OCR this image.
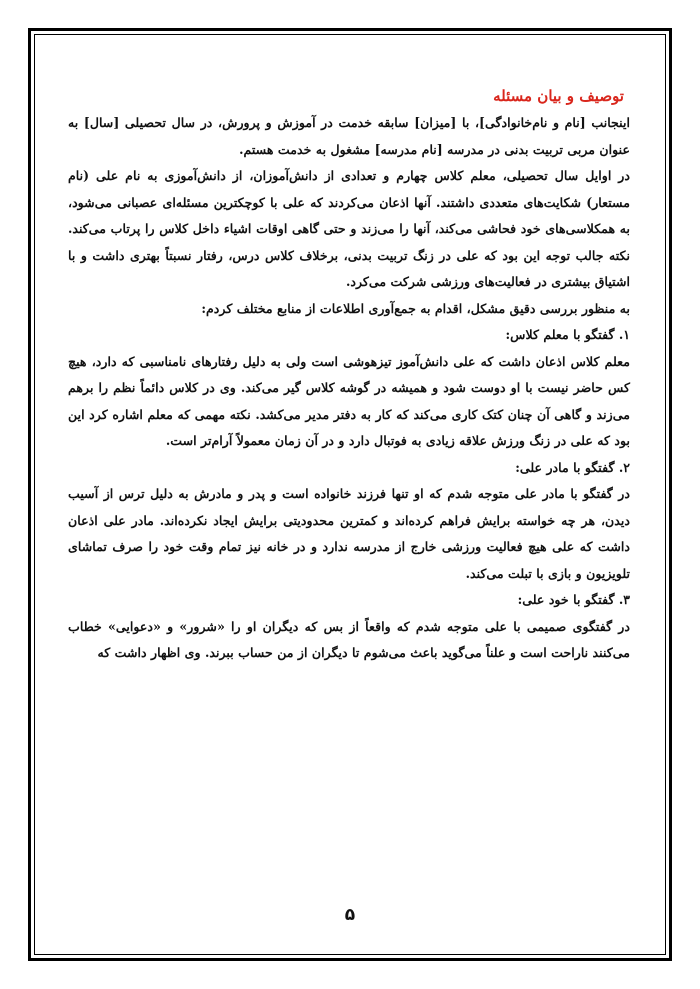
توصیف و بیان مسئله

اینجانب [نام و نام‌خانوادگی]، با [میزان] سابقه خدمت در آموزش و پرورش، در سال تحصیلی [سال] به عنوان مربی تربیت بدنی در مدرسه [نام مدرسه] مشغول به خدمت هستم.

در اوایل سال تحصیلی، معلم کلاس چهارم و تعدادی از دانش‌آموزان، از دانش‌آموزی به نام علی (نام مستعار) شکایت‌های متعددی داشتند. آنها اذعان می‌کردند که علی با کوچکترین مسئله‌ای عصبانی می‌شود، به همکلاسی‌های خود فحاشی می‌کند، آنها را می‌زند و حتی گاهی اوقات اشیاء داخل کلاس را پرتاب می‌کند. نکته جالب توجه این بود که علی در زنگ تربیت بدنی، برخلاف کلاس درس، رفتار نسبتاً بهتری داشت و با اشتیاق بیشتری در فعالیت‌های ورزشی شرکت می‌کرد.

به منظور بررسی دقیق مشکل، اقدام به جمع‌آوری اطلاعات از منابع مختلف کردم:

۱. گفتگو با معلم کلاس:

معلم کلاس اذعان داشت که علی دانش‌آموز تیزهوشی است ولی به دلیل رفتارهای نامناسبی که دارد، هیچ کس حاضر نیست با او دوست شود و همیشه در گوشه کلاس گیر می‌کند. وی در کلاس دائماً نظم را برهم می‌زند و گاهی آن چنان کتک کاری می‌کند که کار به دفتر مدیر می‌کشد. نکته مهمی که معلم اشاره کرد این بود که علی در زنگ ورزش علاقه زیادی به فوتبال دارد و در آن زمان معمولاً آرام‌تر است.

۲. گفتگو با مادر علی:

در گفتگو با مادر علی متوجه شدم که او تنها فرزند خانواده است و پدر و مادرش به دلیل ترس از آسیب دیدن، هر چه خواسته برایش فراهم کرده‌اند و کمترین محدودیتی برایش ایجاد نکرده‌اند. مادر علی اذعان داشت که علی هیچ فعالیت ورزشی خارج از مدرسه ندارد و در خانه نیز تمام وقت خود را صرف تماشای تلویزیون و بازی با تبلت می‌کند.

۳. گفتگو با خود علی:

در گفتگوی صمیمی با علی متوجه شدم که واقعاً از بس که دیگران او را «شرور» و «دعوایی» خطاب می‌کنند ناراحت است و علناً می‌گوید باعث می‌شوم تا دیگران از من حساب ببرند. وی اظهار داشت که

۵
